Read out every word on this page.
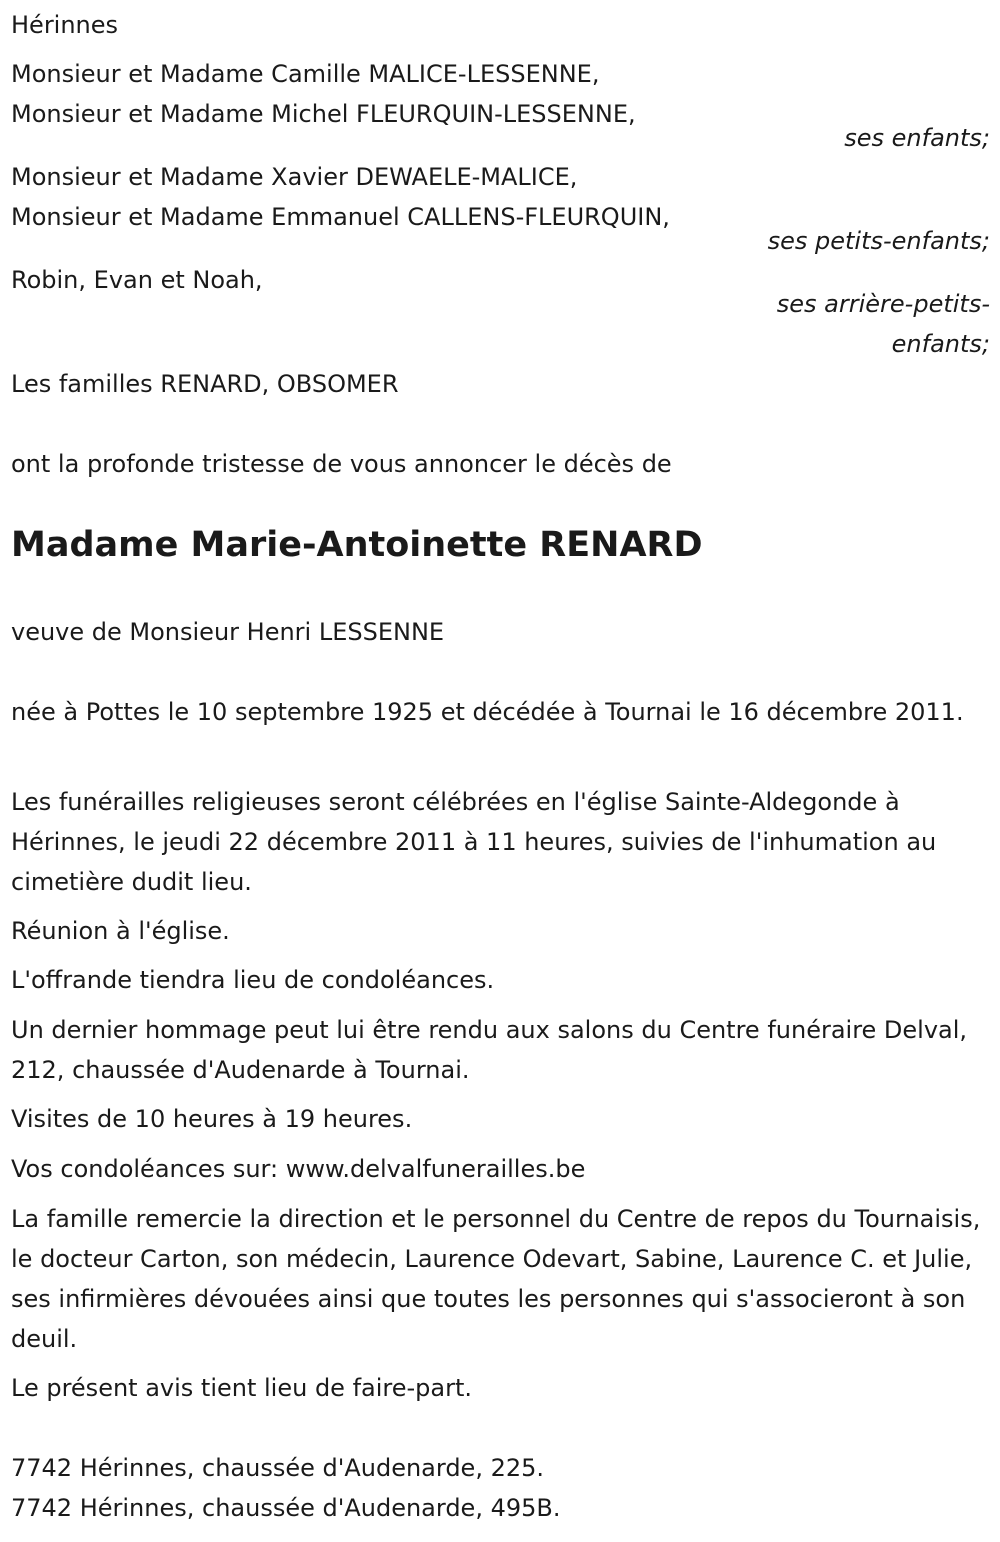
Hérinnes
Monsieur et Madame Camille MALICE-LESSENNE,
Monsieur et Madame Michel FLEURQUIN-LESSENNE,
ses enfants;
Monsieur et Madame Xavier DEWAELE-MALICE,
Monsieur et Madame Emmanuel CALLENS-FLEURQUIN,
ses petits-enfants;
Robin, Evan et Noah,
ses arrière-petits-
enfants;
Les familles RENARD, OBSOMER
ont la profonde tristesse de vous annoncer le décès de
Madame Marie-Antoinette RENARD
veuve de Monsieur Henri LESSENNE
née à Pottes le 10 septembre 1925 et décédée à Tournai le 16 décembre 2011.
Les funérailles religieuses seront célébrées en l'église Sainte-Aldegonde à Hérinnes, le jeudi 22 décembre 2011 à 11 heures, suivies de l'inhumation au cimetière dudit lieu.
Réunion à l'église.
L'offrande tiendra lieu de condoléances.
Un dernier hommage peut lui être rendu aux salons du Centre funéraire Delval, 212, chaussée d'Audenarde à Tournai.
Visites de 10 heures à 19 heures.
Vos condoléances sur: www.delvalfunerailles.be
La famille remercie la direction et le personnel du Centre de repos du Tournaisis, le docteur Carton, son médecin, Laurence Odevart, Sabine, Laurence C. et Julie, ses infirmières dévouées ainsi que toutes les personnes qui s'associeront à son deuil.
Le présent avis tient lieu de faire-part.
7742 Hérinnes, chaussée d'Audenarde, 225.
7742 Hérinnes, chaussée d'Audenarde, 495B.
